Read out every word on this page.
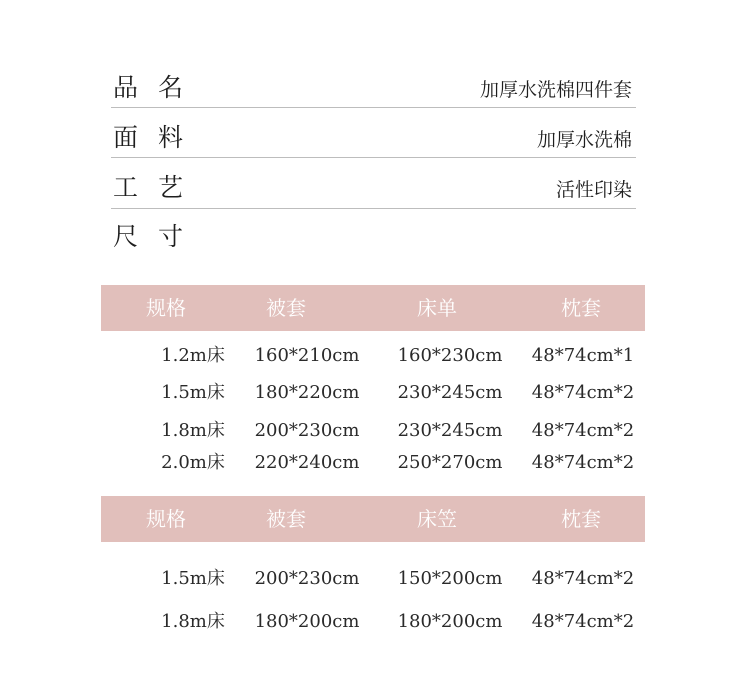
品名	加厚水洗棉四件套
面料	加厚水洗棉
工艺	活性印染
尺寸
规格	被套	床单	枕套
1.2m床 160*210cm 160*230cm 48*74cm*1
1.5m床 180*220cm 230*245cm 48*74cm*2
1.8m床 200*230cm 230*245cm 48*74cm*2
2.0m床 220*240cm 250*270cm 48*74cm*2
规格	被套	床笠	枕套
1.5m床 200*230cm 150*200cm 48*74cm*2
1.8m床 180*200cm 180*200cm 48*74cm*2
